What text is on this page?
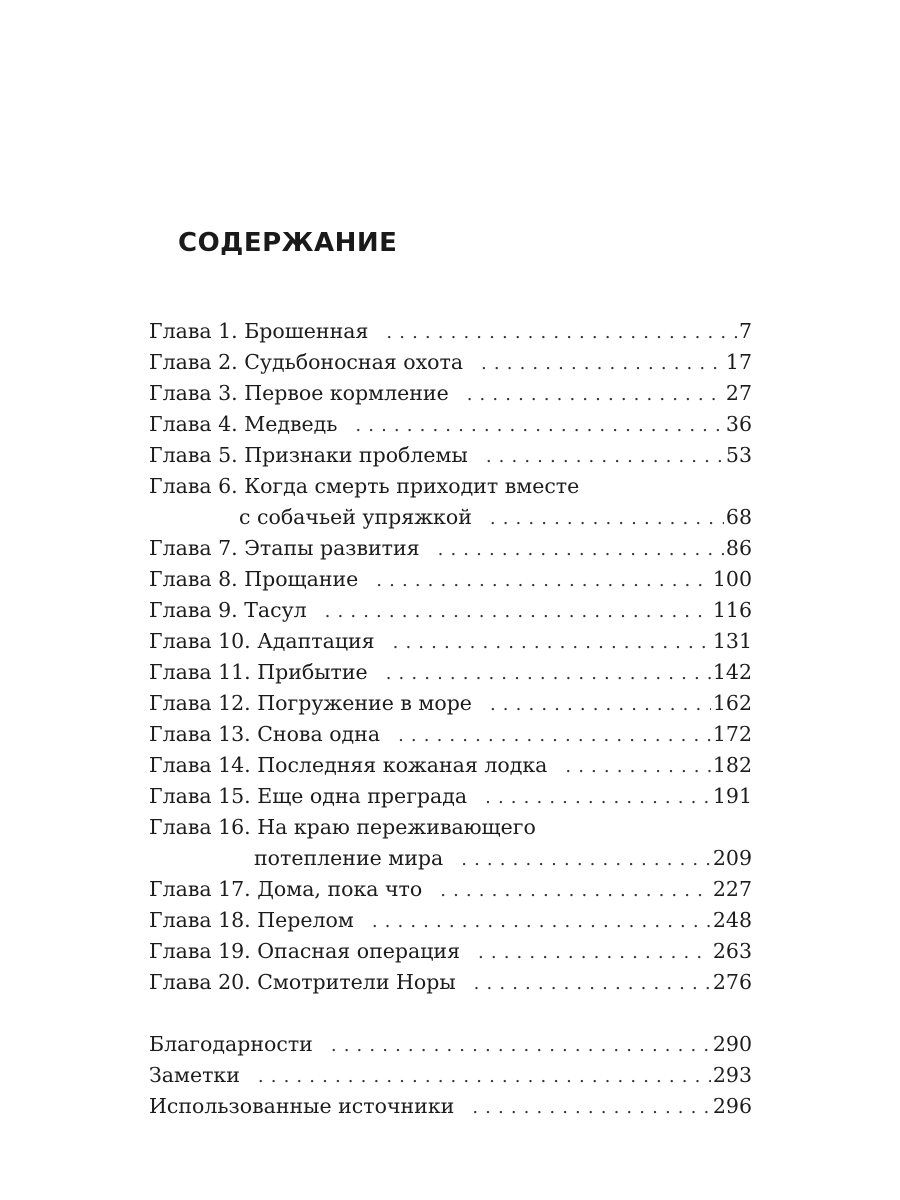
СОДЕРЖАНИЕ
Глава 1. Брошенная . . .	7
Глава 2. Судьбоносная охота . . .	17
Глава 3. Первое кормление . . .	27
Глава 4. Медведь . . .	36
Глава 5. Признаки проблемы . . .	53
Глава 6. Когда смерть приходит вместе
с собачьей упряжкой . . .	68
Глава 7. Этапы развития . . .	86
Глава 8. Прощание . . .	100
Глава 9. Тасул . . .	116
Глава 10. Адаптация . . .	131
Глава 11. Прибытие . . .	142
Глава 12. Погружение в море . . .	162
Глава 13. Снова одна . . .	172
Глава 14. Последняя кожаная лодка . . .	182
Глава 15. Еще одна преграда . . .	191
Глава 16. На краю переживающего
потепление мира . . .	209
Глава 17. Дома, пока что . . .	227
Глава 18. Перелом . . .	248
Глава 19. Опасная операция . . .	263
Глава 20. Смотрители Норы . . .	276
Благодарности . . .	290
Заметки . . .	293
Использованные источники . . .	296
